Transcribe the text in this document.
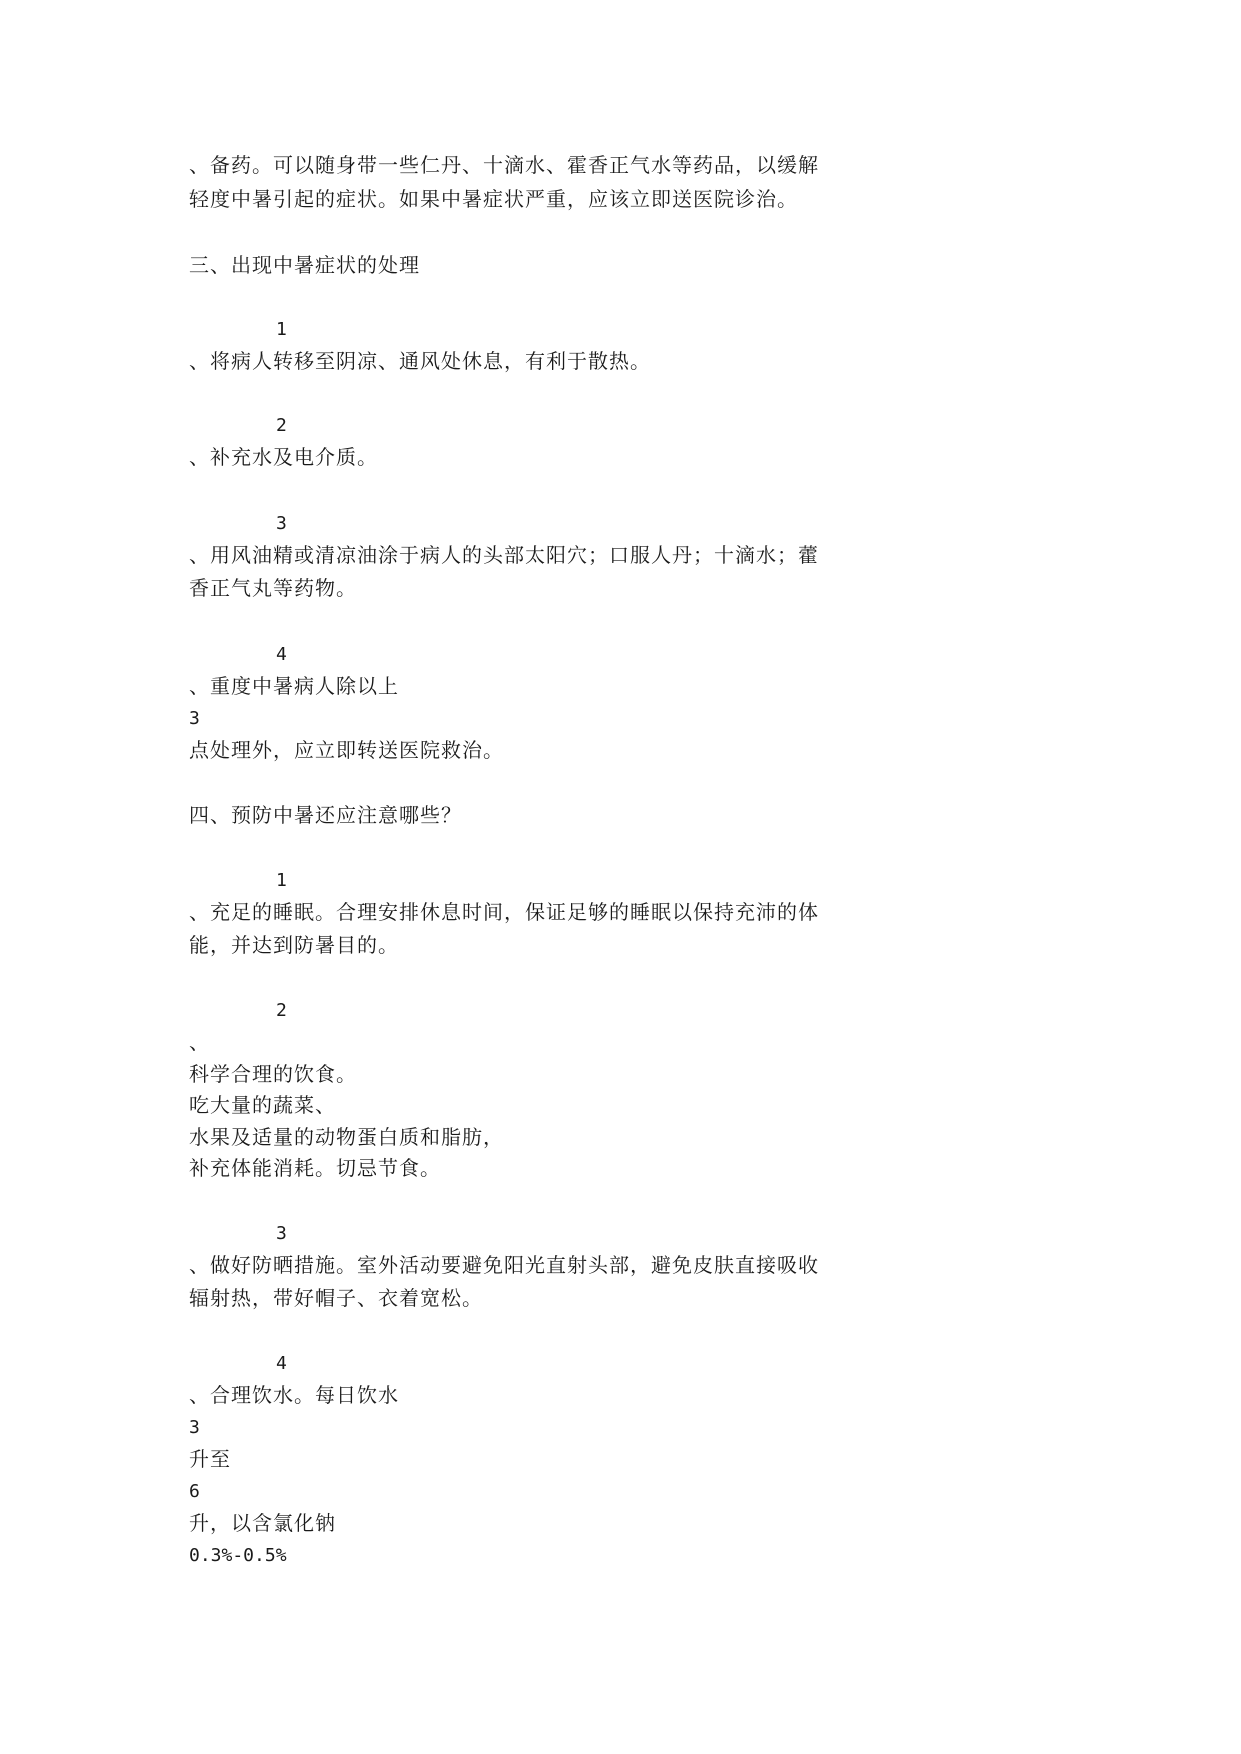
、备药。可以随身带一些仁丹、十滴水、霍香正气水等药品，以缓解
轻度中暑引起的症状。如果中暑症状严重，应该立即送医院诊治。
三、出现中暑症状的处理
1
、将病人转移至阴凉、通风处休息，有利于散热。
2
、补充水及电介质。
3
、用风油精或清凉油涂于病人的头部太阳穴；口服人丹；十滴水；藿
香正气丸等药物。
4
、重度中暑病人除以上
3
点处理外，应立即转送医院救治。
四、预防中暑还应注意哪些？
1
、充足的睡眠。合理安排休息时间，保证足够的睡眠以保持充沛的体
能，并达到防暑目的。
2
、
科学合理的饮食。
吃大量的蔬菜、
水果及适量的动物蛋白质和脂肪，
补充体能消耗。切忌节食。
3
、做好防晒措施。室外活动要避免阳光直射头部，避免皮肤直接吸收
辐射热，带好帽子、衣着宽松。
4
、合理饮水。每日饮水
3
升至
6
升，以含氯化钠
0.3%-0.5%
